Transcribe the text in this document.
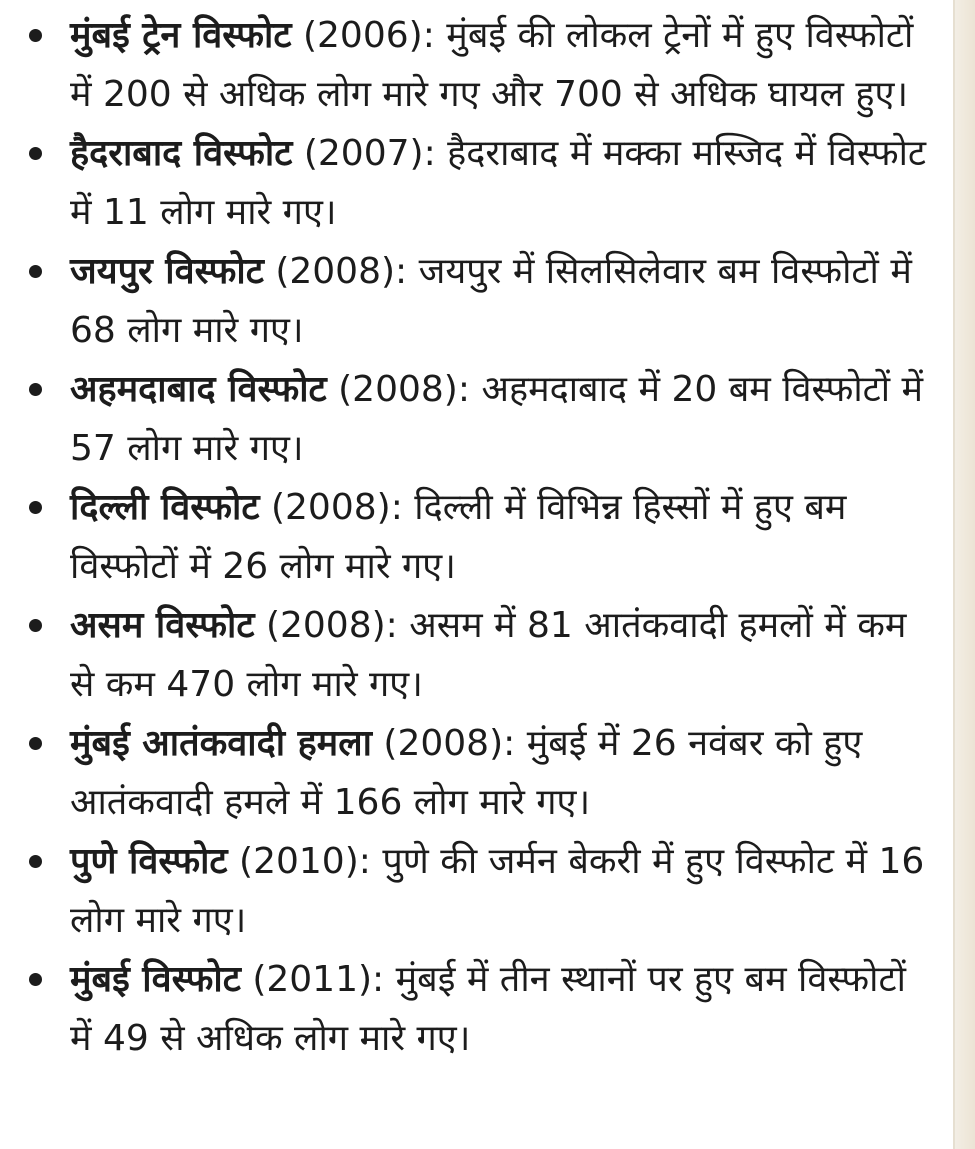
मुंबई ट्रेन विस्फोट (2006): मुंबई की लोकल ट्रेनों में हुए विस्फोटों में 200 से अधिक लोग मारे गए और 700 से अधिक घायल हुए।
हैदराबाद विस्फोट (2007): हैदराबाद में मक्का मस्जिद में विस्फोट में 11 लोग मारे गए।
जयपुर विस्फोट (2008): जयपुर में सिलसिलेवार बम विस्फोटों में 68 लोग मारे गए।
अहमदाबाद विस्फोट (2008): अहमदाबाद में 20 बम विस्फोटों में 57 लोग मारे गए।
दिल्ली विस्फोट (2008): दिल्ली में विभिन्न हिस्सों में हुए बम विस्फोटों में 26 लोग मारे गए।
असम विस्फोट (2008): असम में 81 आतंकवादी हमलों में कम से कम 470 लोग मारे गए।
मुंबई आतंकवादी हमला (2008): मुंबई में 26 नवंबर को हुए आतंकवादी हमले में 166 लोग मारे गए।
पुणे विस्फोट (2010): पुणे की जर्मन बेकरी में हुए विस्फोट में 16 लोग मारे गए।
मुंबई विस्फोट (2011): मुंबई में तीन स्थानों पर हुए बम विस्फोटों में 49 से अधिक लोग मारे गए।
